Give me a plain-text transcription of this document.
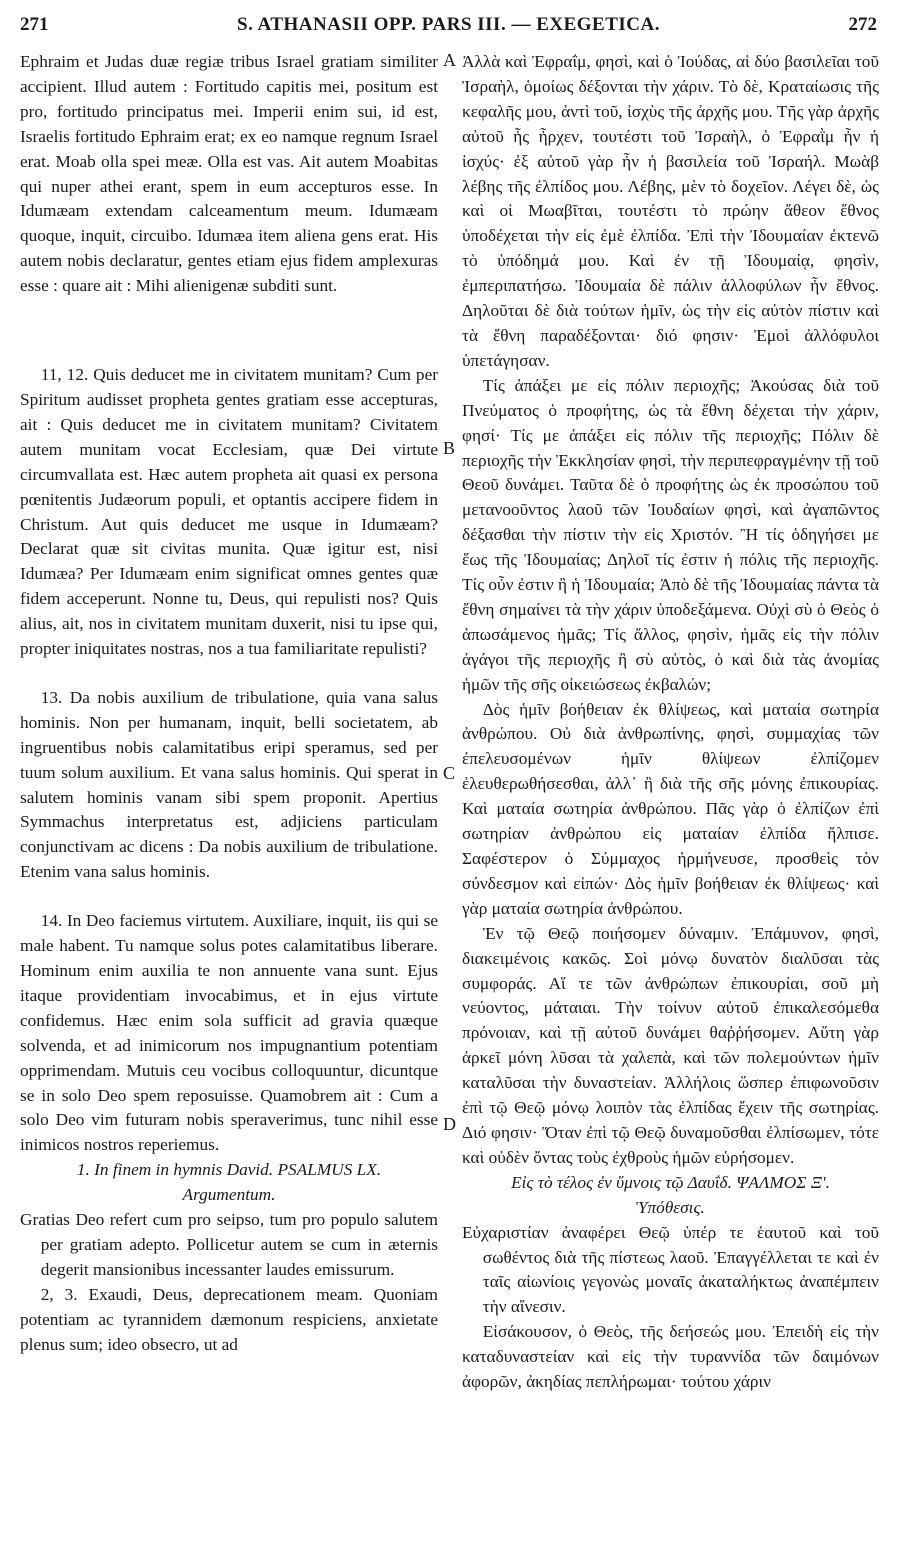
271	S. ATHANASII OPP. PARS III. — EXEGETICA.	272
A
B
C
D

Ephraim et Judas duæ regiæ tribus Israel gratiam similiter accipient. Illud autem : Fortitudo capitis mei, positum est pro, fortitudo principatus mei. Imperii enim sui, id est, Israelis fortitudo Ephraim erat; ex eo namque regnum Israel erat. Moab olla spei meæ. Olla est vas. Ait autem Moabitas qui nuper athei erant, spem in eum accepturos esse. In Idumæam extendam calceamentum meum. Idumæam quoque, inquit, circuibo. Idumæa item aliena gens erat. His autem nobis declaratur, gentes etiam ejus fidem amplexuras esse : quare ait : Mihi alienigenæ subditi sunt.

11, 12. Quis deducet me in civitatem munitam? Cum per Spiritum audisset propheta gentes gratiam esse accepturas, ait : Quis deducet me in civitatem munitam? Civitatem autem munitam vocat Ecclesiam, quæ Dei virtute circumvallata est. Hæc autem propheta ait quasi ex persona pœnitentis Judæorum populi, et optantis accipere fidem in Christum. Aut quis deducet me usque in Idumæam? Declarat quæ sit civitas munita. Quæ igitur est, nisi Idumæa? Per Idumæam enim significat omnes gentes quæ fidem acceperunt. Nonne tu, Deus, qui repulisti nos? Quis alius, ait, nos in civitatem munitam duxerit, nisi tu ipse qui, propter iniquitates nostras, nos a tua familiaritate repulisti?

13. Da nobis auxilium de tribulatione, quia vana salus hominis. Non per humanam, inquit, belli societatem, ab ingruentibus nobis calamitatibus eripi speramus, sed per tuum solum auxilium. Et vana salus hominis. Qui sperat in salutem hominis vanam sibi spem proponit. Apertius Symmachus interpretatus est, adjiciens particulam conjunctivam ac dicens : Da nobis auxilium de tribulatione. Etenim vana salus hominis.

14. In Deo faciemus virtutem. Auxiliare, inquit, iis qui se male habent. Tu namque solus potes calamitatibus liberare. Hominum enim auxilia te non annuente vana sunt. Ejus itaque providentiam invocabimus, et in ejus virtute confidemus. Hæc enim sola sufficit ad gravia quæque solvenda, et ad inimicorum nos impugnantium potentiam opprimendam. Mutuis ceu vocibus colloquuntur, dicuntque se in solo Deo spem reposuisse. Quamobrem ait : Cum a solo Deo vim futuram nobis speraverimus, tunc nihil esse inimicos nostros reperiemus.

1. In finem in hymnis David. PSALMUS LX.

Argumentum.

Gratias Deo refert cum pro seipso, tum pro populo salutem per gratiam adepto. Pollicetur autem se cum in æternis degerit mansionibus incessanter laudes emissurum.

2, 3. Exaudi, Deus, deprecationem meam. Quoniam potentiam ac tyrannidem dæmonum respiciens, anxietate plenus sum; ideo obsecro, ut ad

Ἀλλὰ καὶ Ἐφραΐμ, φησὶ, καὶ ὁ Ἰούδας, αἱ δύο βασιλεῖαι τοῦ Ἰσραὴλ, ὁμοίως δέξονται τὴν χάριν. Τὸ δὲ, Κραταίωσις τῆς κεφαλῆς μου, ἀντὶ τοῦ, ἰσχὺς τῆς ἀρχῆς μου. Τῆς γὰρ ἀρχῆς αὐτοῦ ἧς ἦρχεν, τουτέστι τοῦ Ἰσραὴλ, ὁ Ἐφραῒμ ἦν ἡ ἰσχύς· ἐξ αὐτοῦ γὰρ ἦν ἡ βασιλεία τοῦ Ἰσραήλ. Μωὰβ λέβης τῆς ἐλπίδος μου. Λέβης, μὲν τὸ δοχεῖον. Λέγει δὲ, ὡς καὶ οἱ Μωαβῖται, τουτέστι τὸ πρώην ἄθεον ἔθνος ὑποδέχεται τὴν εἰς ἐμὲ ἐλπίδα. Ἐπὶ τὴν Ἰδουμαίαν ἐκτενῶ τὸ ὑπόδημά μου. Καὶ ἐν τῇ Ἰδουμαίᾳ, φησὶν, ἐμπεριπατήσω. Ἰδουμαία δὲ πάλιν ἀλλοφύλων ἦν ἔθνος. Δηλοῦται δὲ διὰ τούτων ἡμῖν, ὡς τὴν εἰς αὐτὸν πίστιν καὶ τὰ ἔθνη παραδέξονται· διό φησιν· Ἐμοὶ ἀλλόφυλοι ὑπετάγησαν.

Τίς ἀπάξει με εἰς πόλιν περιοχῆς; Ἀκούσας διὰ τοῦ Πνεύματος ὁ προφήτης, ὡς τὰ ἔθνη δέχεται τὴν χάριν, φησί· Τίς με ἀπάξει εἰς πόλιν τῆς περιοχῆς; Πόλιν δὲ περιοχῆς τὴν Ἐκκλησίαν φησὶ, τὴν περιπεφραγμένην τῇ τοῦ Θεοῦ δυνάμει. Ταῦτα δὲ ὁ προφήτης ὡς ἐκ προσώπου τοῦ μετανοοῦντος λαοῦ τῶν Ἰουδαίων φησὶ, καὶ ἀγαπῶντος δέξασθαι τὴν πίστιν τὴν εἰς Χριστόν. Ἢ τίς ὁδηγήσει με ἕως τῆς Ἰδουμαίας; Δηλοῖ τίς ἐστιν ἡ πόλις τῆς περιοχῆς. Τίς οὖν ἐστιν ἢ ἡ Ἰδουμαία; Ἀπὸ δὲ τῆς Ἰδουμαίας πάντα τὰ ἔθνη σημαίνει τὰ τὴν χάριν ὑποδεξάμενα. Οὐχὶ σὺ ὁ Θεὸς ὁ ἀπωσάμενος ἡμᾶς; Τίς ἄλλος, φησὶν, ἡμᾶς εἰς τὴν πόλιν ἀγάγοι τῆς περιοχῆς ἢ σὺ αὐτὸς, ὁ καὶ διὰ τὰς ἀνομίας ἡμῶν τῆς σῆς οἰκειώσεως ἐκβαλών;

Δὸς ἡμῖν βοήθειαν ἐκ θλίψεως, καὶ ματαία σωτηρία ἀνθρώπου. Οὐ διὰ ἀνθρωπίνης, φησὶ, συμμαχίας τῶν ἐπελευσομένων ἡμῖν θλίψεων ἐλπίζομεν ἐλευθερωθήσεσθαι, ἀλλ᾽ ἢ διὰ τῆς σῆς μόνης ἐπικουρίας. Καὶ ματαία σωτηρία ἀνθρώπου. Πᾶς γὰρ ὁ ἐλπίζων ἐπὶ σωτηρίαν ἀνθρώπου εἰς ματαίαν ἐλπίδα ἤλπισε. Σαφέστερον ὁ Σύμμαχος ἡρμήνευσε, προσθεὶς τὸν σύνδεσμον καὶ εἰπών· Δὸς ἡμῖν βοήθειαν ἐκ θλίψεως· καὶ γὰρ ματαία σωτηρία ἀνθρώπου.

Ἐν τῷ Θεῷ ποιήσομεν δύναμιν. Ἐπάμυνον, φησὶ, διακειμένοις κακῶς. Σοὶ μόνῳ δυνατὸν διαλῦσαι τὰς συμφοράς. Αἵ τε τῶν ἀνθρώπων ἐπικουρίαι, σοῦ μὴ νεύοντος, μάταιαι. Τὴν τοίνυν αὐτοῦ ἐπικαλεσόμεθα πρόνοιαν, καὶ τῇ αὐτοῦ δυνάμει θαῤῥήσομεν. Αὕτη γὰρ ἀρκεῖ μόνη λῦσαι τὰ χαλεπὰ, καὶ τῶν πολεμούντων ἡμῖν καταλῦσαι τὴν δυναστείαν. Ἀλλήλοις ὥσπερ ἐπιφωνοῦσιν ἐπὶ τῷ Θεῷ μόνῳ λοιπὸν τὰς ἐλπίδας ἔχειν τῆς σωτηρίας. Διό φησιν· Ὅταν ἐπὶ τῷ Θεῷ δυναμοῦσθαι ἐλπίσωμεν, τότε καὶ οὐδὲν ὄντας τοὺς ἐχθροὺς ἡμῶν εὑρήσομεν.

Εἰς τὸ τέλος ἐν ὕμνοις τῷ Δαυΐδ. ΨΑΛΜΟΣ Ξ'.

Ὑπόθεσις.

Εὐχαριστίαν ἀναφέρει Θεῷ ὑπέρ τε ἑαυτοῦ καὶ τοῦ σωθέντος διὰ τῆς πίστεως λαοῦ. Ἐπαγγέλλεται τε καὶ ἐν ταῖς αἰωνίοις γεγονὼς μοναῖς ἀκαταλήκτως ἀναπέμπειν τὴν αἴνεσιν.

Εἰσάκουσον, ὁ Θεὸς, τῆς δεήσεώς μου. Ἐπειδὴ εἰς τὴν καταδυναστείαν καὶ εἰς τὴν τυραννίδα τῶν δαιμόνων ἀφορῶν, ἀκηδίας πεπλήρωμαι· τούτου χάριν
